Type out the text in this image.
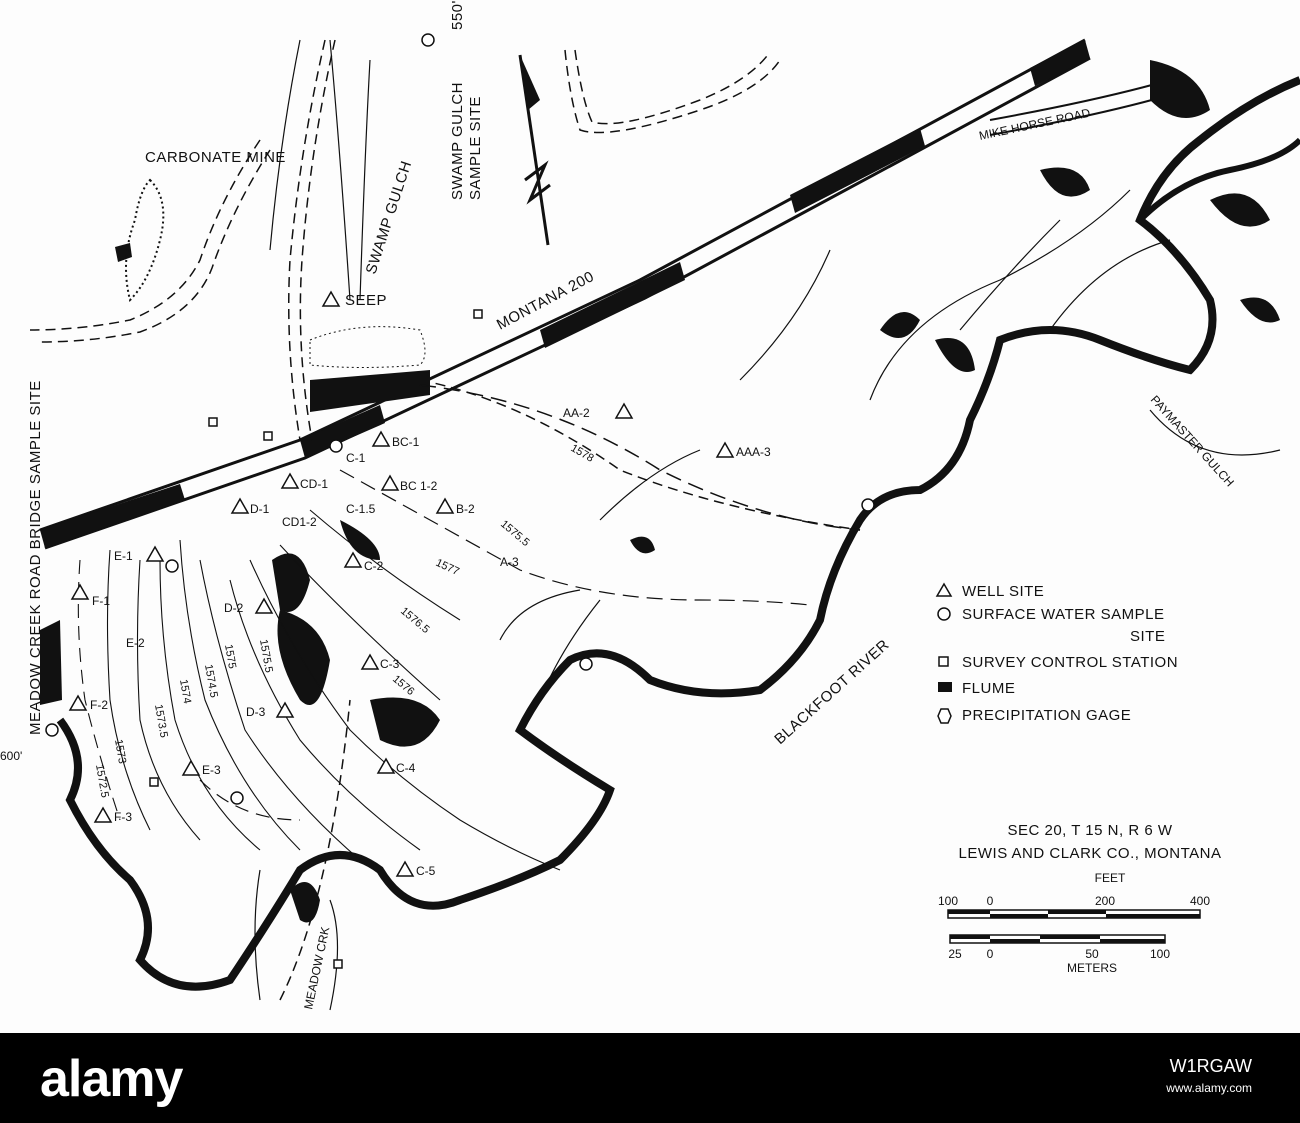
CARBONATE MINE
SWAMP GULCH
SWAMP GULCH SAMPLE SITE
550'
SEEP	MONTANA 200
MIKE HORSE ROAD
PAYMASTER GULCH
BLACKFOOT RIVER
MEADOW CRK
MEADOW CREEK ROAD BRIDGE SAMPLE SITE
600'
AA-2
AAA-3
BC-1
C-1
BC 1-2
CD-1
D-1
CD1-2
C-1.5	B-2
A-3
C-2
E-1
F-1	D-2
E-2
C-3
D-3
F-2
C-4
E-3
F-3
C-5
1578
1577
1576.5
1576
1575.5
1575.5
1575
1574.5
1574
1573.5
1573
1572.5
WELL SITE
SURFACE WATER SAMPLE
SITE
SURVEY CONTROL STATION
FLUME
PRECIPITATION GAGE
SEC 20, T 15 N, R 6 W
LEWIS AND CLARK CO., MONTANA
FEET
100 0	200	400
25 0	50	100
METERS
alamy	W1RGAW
www.alamy.com
